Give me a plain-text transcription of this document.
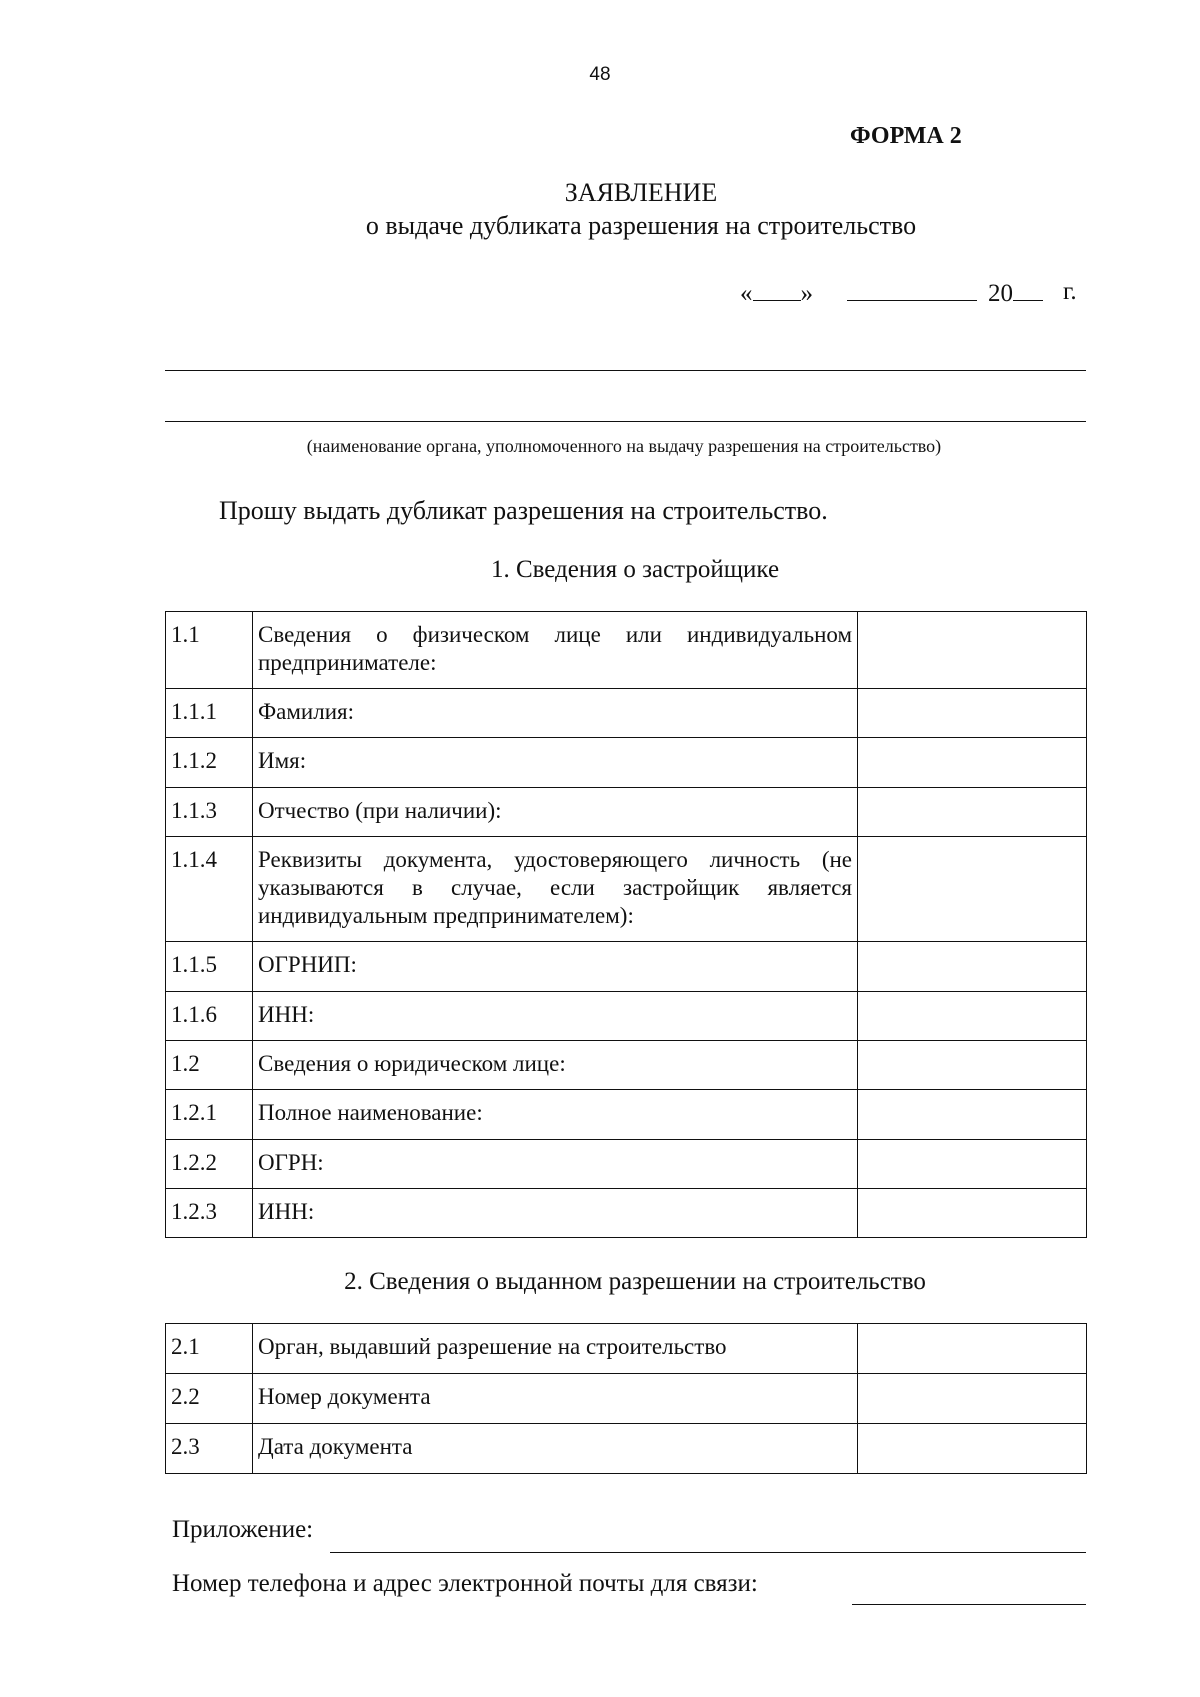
48
ФОРМА 2
ЗАЯВЛЕНИЕ
о выдаче дубликата разрешения на строительство
« »	20	г.
(наименование органа, уполномоченного на выдачу разрешения на строительство)
Прошу выдать дубликат разрешения на строительство.
1. Сведения о застройщике
1.1	Сведения о физическом лице или индивидуальном предпринимателе:	
1.1.1	Фамилия:	
1.1.2	Имя:	
1.1.3	Отчество (при наличии):	
1.1.4	Реквизиты документа, удостоверяющего личность (не указываются в случае, если застройщик является индивидуальным предпринимателем):	
1.1.5	ОГРНИП:	
1.1.6	ИНН:	
1.2	Сведения о юридическом лице:	
1.2.1	Полное наименование:	
1.2.2	ОГРН:	
1.2.3	ИНН:	
2. Сведения о выданном разрешении на строительство
2.1	Орган, выдавший разрешение на строительство	
2.2	Номер документа	
2.3	Дата документа	
Приложение:
Номер телефона и адрес электронной почты для связи:
